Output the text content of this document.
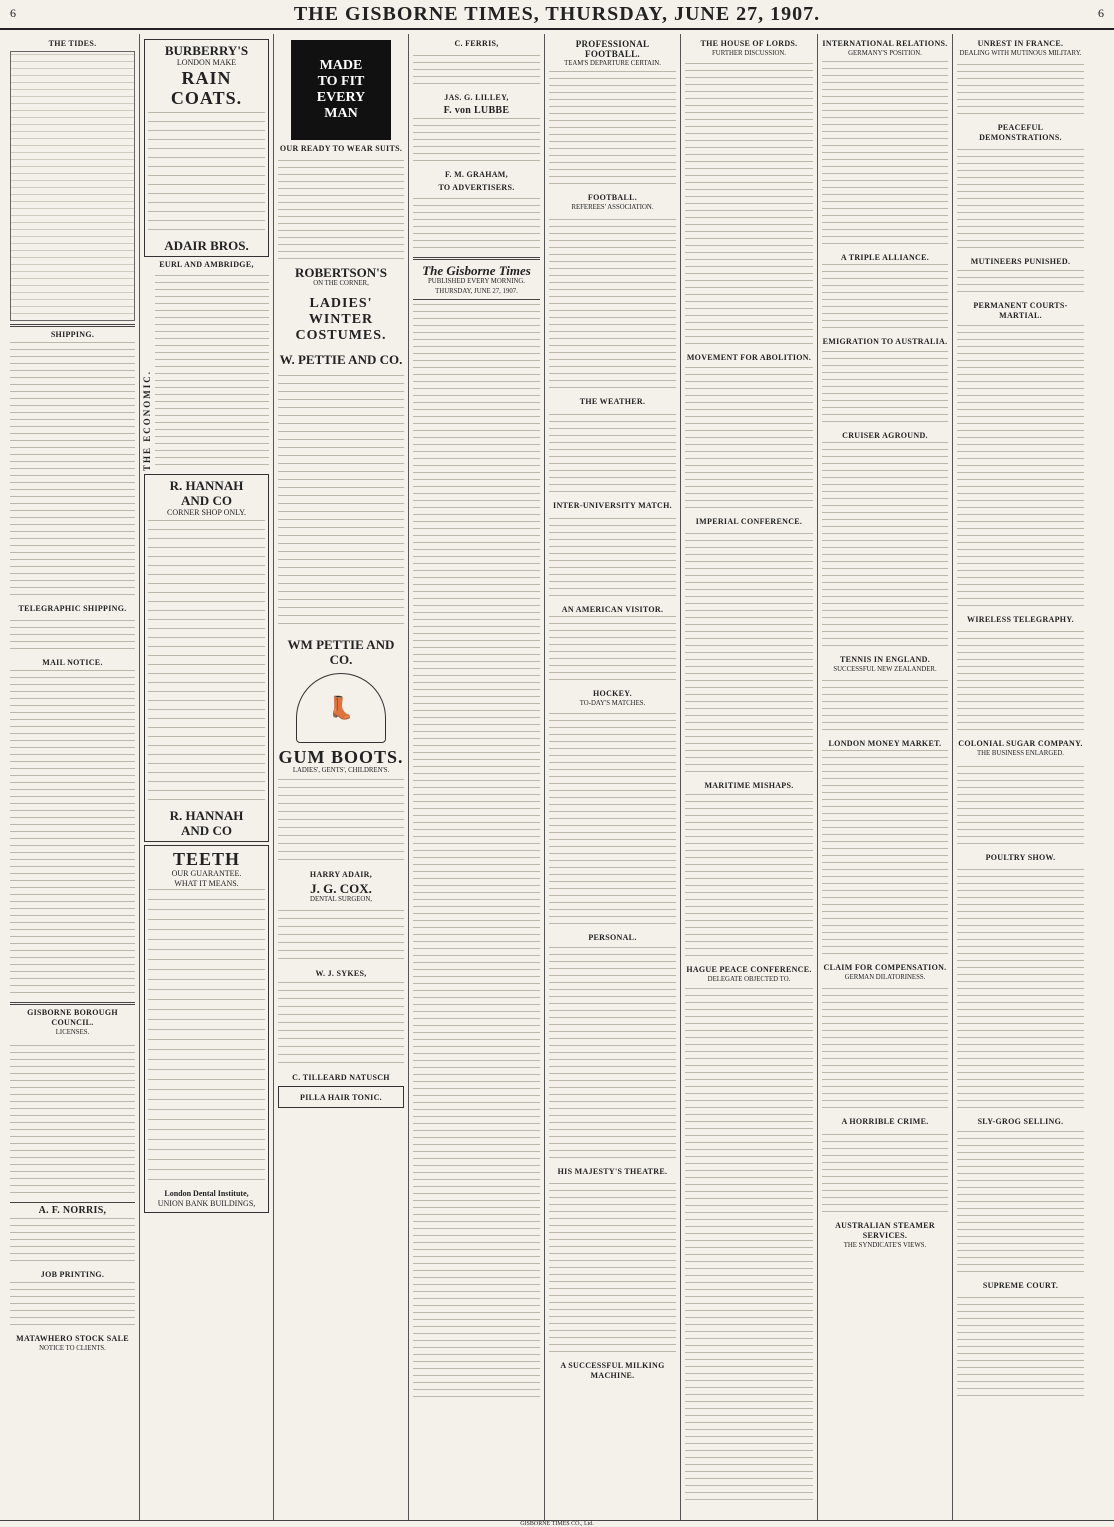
THE GISBORNE TIMES, THURSDAY, JUNE 27, 1907.
6	6
THE TIDES.
SHIPPING.
TELEGRAPHIC SHIPPING.
MAIL NOTICE.
GISBORNE BOROUGH COUNCIL.
LICENSES.
A. F. NORRIS,
JOB PRINTING.
MATAWHERO STOCK SALE
NOTICE TO CLIENTS.
BURBERRY'S
LONDON MAKE
RAIN COATS.
ADAIR BROS.
EURL AND AMBRIDGE,
THE ECONOMIC.
R. HANNAH
AND CO
CORNER SHOP ONLY.
R. HANNAH
AND CO
TEETH
OUR GUARANTEE.
WHAT IT MEANS.
London Dental Institute,
UNION BANK BUILDINGS,
MADE
TO FIT
EVERY
MAN
OUR READY TO WEAR SUITS.
ROBERTSON'S
ON THE CORNER,
LADIES' WINTER COSTUMES.
W. PETTIE AND CO.
WM PETTIE AND CO.
👢
GUM BOOTS.
LADIES', GENTS', CHILDREN'S.
HARRY ADAIR,
J. G. COX.
DENTAL SURGEON,
W. J. SYKES,
C. TILLEARD NATUSCH
PILLA HAIR TONIC.
C. FERRIS,
JAS. G. LILLEY,
F. von LUBBE
F. M. GRAHAM,
TO ADVERTISERS.
The Gisborne Times
PUBLISHED EVERY MORNING.
THURSDAY, JUNE 27, 1907.
PROFESSIONAL FOOTBALL.
TEAM'S DEPARTURE CERTAIN.
FOOTBALL.
REFEREES' ASSOCIATION.
THE WEATHER.
INTER-UNIVERSITY MATCH.
AN AMERICAN VISITOR.
HOCKEY.
TO-DAY'S MATCHES.
PERSONAL.
HIS MAJESTY'S THEATRE.
A SUCCESSFUL MILKING MACHINE.
THE HOUSE OF LORDS.
FURTHER DISCUSSION.
MOVEMENT FOR ABOLITION.
IMPERIAL CONFERENCE.
MARITIME MISHAPS.
HAGUE PEACE CONFERENCE.
DELEGATE OBJECTED TO.
INTERNATIONAL RELATIONS.
GERMANY'S POSITION.
A TRIPLE ALLIANCE.
EMIGRATION TO AUSTRALIA.
CRUISER AGROUND.
TENNIS IN ENGLAND.
SUCCESSFUL NEW ZEALANDER.
LONDON MONEY MARKET.
CLAIM FOR COMPENSATION.
GERMAN DILATORINESS.
A HORRIBLE CRIME.
AUSTRALIAN STEAMER SERVICES.
THE SYNDICATE'S VIEWS.
UNREST IN FRANCE.
DEALING WITH MUTINOUS MILITARY.
PEACEFUL DEMONSTRATIONS.
MUTINEERS PUNISHED.
PERMANENT COURTS-MARTIAL.
WIRELESS TELEGRAPHY.
COLONIAL SUGAR COMPANY.
THE BUSINESS ENLARGED.
POULTRY SHOW.
SLY-GROG SELLING.
SUPREME COURT.
GISBORNE TIMES CO., Ltd.
